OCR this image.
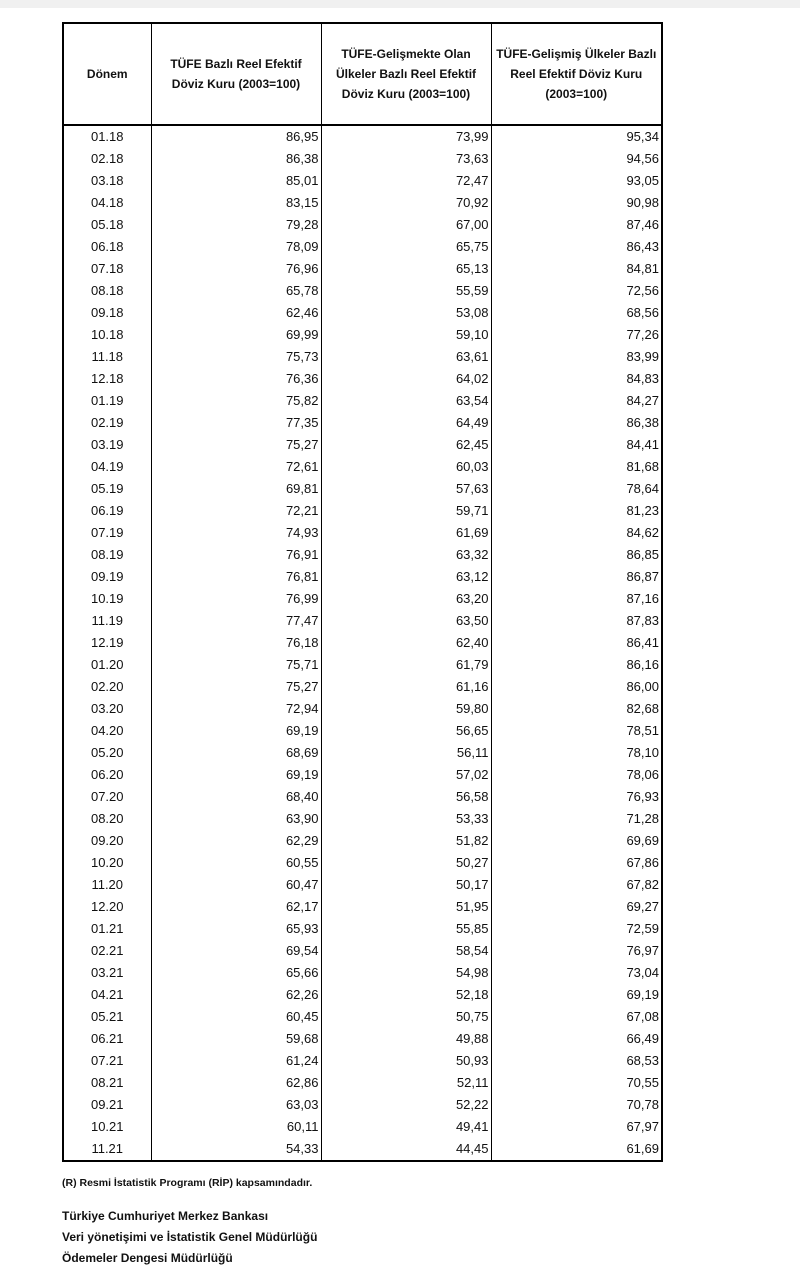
Dönem	TÜFE Bazlı Reel Efektif Döviz Kuru (2003=100)	TÜFE-Gelişmekte Olan Ülkeler Bazlı Reel Efektif Döviz Kuru (2003=100)	TÜFE-Gelişmiş Ülkeler Bazlı Reel Efektif Döviz Kuru (2003=100)
01.18	86,95	73,99	95,34
02.18	86,38	73,63	94,56
03.18	85,01	72,47	93,05
04.18	83,15	70,92	90,98
05.18	79,28	67,00	87,46
06.18	78,09	65,75	86,43
07.18	76,96	65,13	84,81
08.18	65,78	55,59	72,56
09.18	62,46	53,08	68,56
10.18	69,99	59,10	77,26
11.18	75,73	63,61	83,99
12.18	76,36	64,02	84,83
01.19	75,82	63,54	84,27
02.19	77,35	64,49	86,38
03.19	75,27	62,45	84,41
04.19	72,61	60,03	81,68
05.19	69,81	57,63	78,64
06.19	72,21	59,71	81,23
07.19	74,93	61,69	84,62
08.19	76,91	63,32	86,85
09.19	76,81	63,12	86,87
10.19	76,99	63,20	87,16
11.19	77,47	63,50	87,83
12.19	76,18	62,40	86,41
01.20	75,71	61,79	86,16
02.20	75,27	61,16	86,00
03.20	72,94	59,80	82,68
04.20	69,19	56,65	78,51
05.20	68,69	56,11	78,10
06.20	69,19	57,02	78,06
07.20	68,40	56,58	76,93
08.20	63,90	53,33	71,28
09.20	62,29	51,82	69,69
10.20	60,55	50,27	67,86
11.20	60,47	50,17	67,82
12.20	62,17	51,95	69,27
01.21	65,93	55,85	72,59
02.21	69,54	58,54	76,97
03.21	65,66	54,98	73,04
04.21	62,26	52,18	69,19
05.21	60,45	50,75	67,08
06.21	59,68	49,88	66,49
07.21	61,24	50,93	68,53
08.21	62,86	52,11	70,55
09.21	63,03	52,22	70,78
10.21	60,11	49,41	67,97
11.21	54,33	44,45	61,69
(R) Resmi İstatistik Programı (RİP) kapsamındadır.
Türkiye Cumhuriyet Merkez Bankası
Veri yönetişimi ve İstatistik Genel Müdürlüğü
Ödemeler Dengesi Müdürlüğü
